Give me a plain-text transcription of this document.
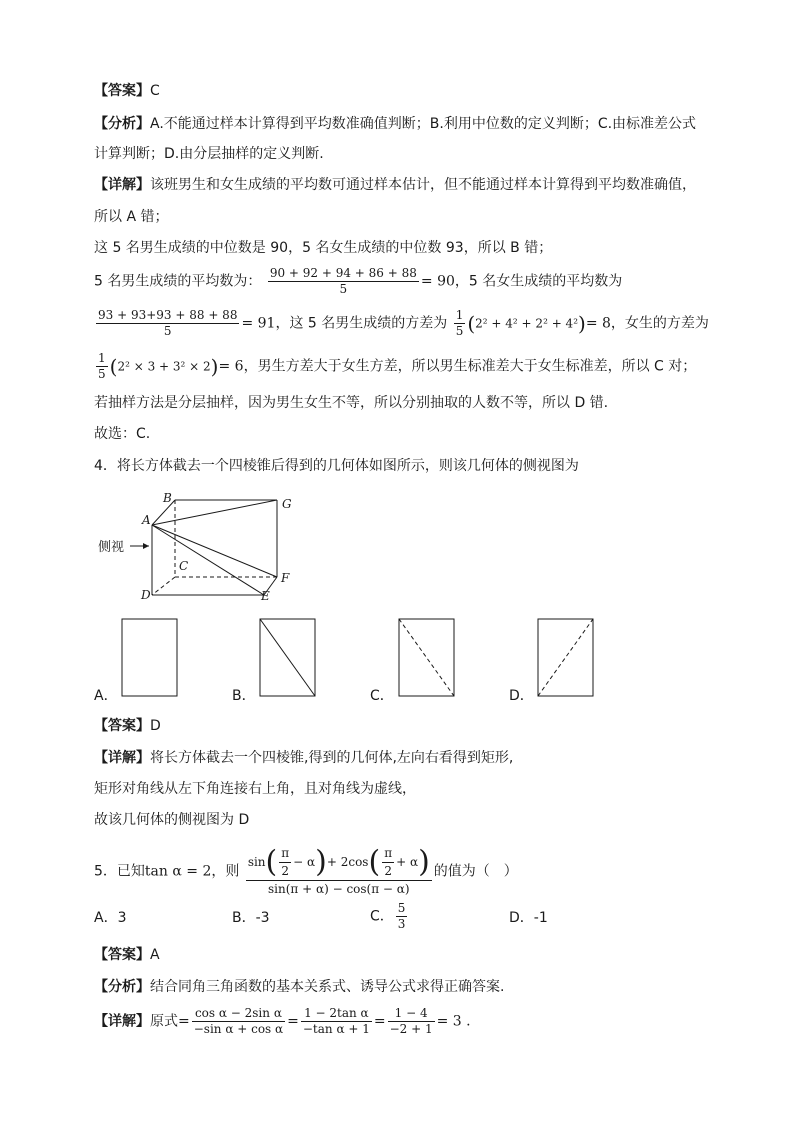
【答案】C
【分析】A.不能通过样本计算得到平均数准确值判断；B.利用中位数的定义判断；C.由标准差公式
计算判断；D.由分层抽样的定义判断.
【详解】该班男生和女生成绩的平均数可通过样本估计，但不能通过样本计算得到平均数准确值，
所以 A 错；
这 5 名男生成绩的中位数是 90，5 名女生成绩的中位数 93，所以 B 错；
5 名男生成绩的平均数为： $\frac{90 + 92 + 94 + 86 + 88}{5} = 90$，5 名女生成绩的平均数为
$\frac{93 + 93+93 + 88 + 88}{5} = 91$，这 5 名男生成绩的方差为 $\frac{1}{5} (2^2 + 4^2 + 2^2 + 4^2)= 8$，女生的方差为
$\frac{1}{5} (2^2 \times 3 + 3^2 \times 2)= 6$，男生方差大于女生方差，所以男生标准差大于女生标准差，所以 C 对；
若抽样方法是分层抽样，因为男生女生不等，所以分别抽取的人数不等，所以 D 错.
故选：C.
4．将长方体截去一个四棱锥后得到的几何体如图所示，则该几何体的侧视图为
A
B
C
D	E
F
G
侧视
A．	B．	C．	D．
【答案】D
【详解】将长方体截去一个四棱锥,得到的几何体,左向右看得到矩形,
矩形对角线从左下角连接右上角，且对角线为虚线，
故该几何体的侧视图为 D
5．已知tan α = 2，则 $\frac{\sin( \frac{\pi}{2} - \alpha)+ 2\cos( \frac{\pi}{2} + \alpha)}{\sin(\pi + \alpha) - \cos(\pi - \alpha)}$ 的值为（　）
A．3	B．-3	C． $\frac{5}{3}$	D．-1
【答案】A
【分析】结合同角三角函数的基本关系式、诱导公式求得正确答案.
【详解】原式= $\frac{\text{cos α − 2sin α}}{\text{−sin α + cos α}} = \frac{\text{1 − 2tan α}}{\text{−tan α + 1}} = \frac{1 - 4}{-2 + 1} = 3$ .
